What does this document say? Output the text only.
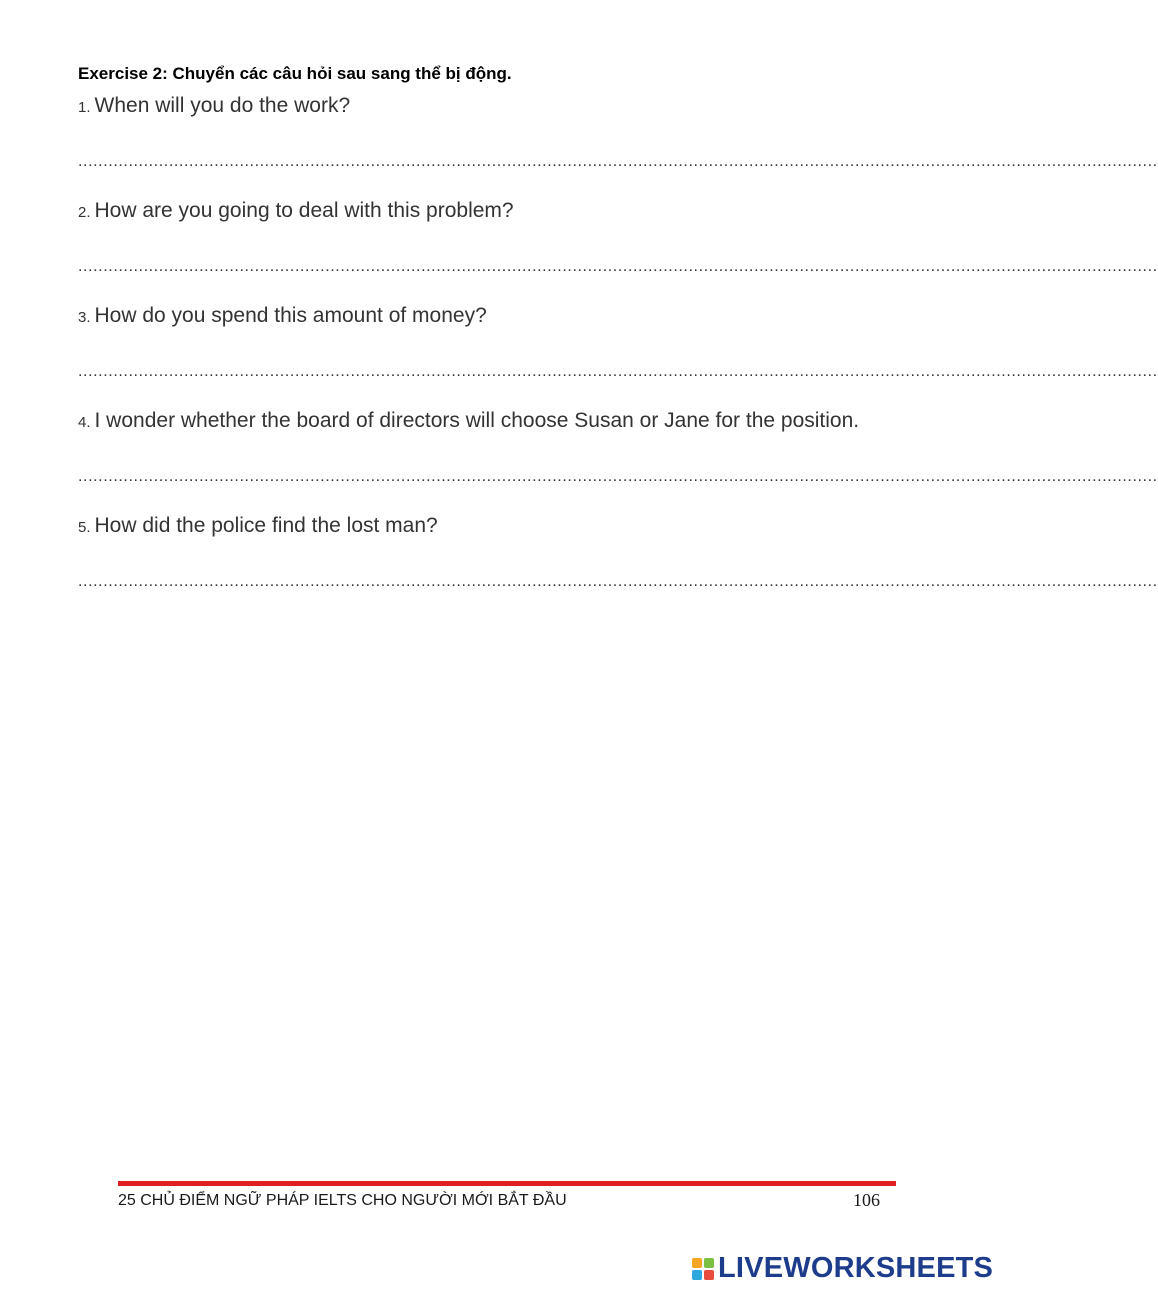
Exercise 2: Chuyển các câu hỏi sau sang thể bị động.
1. When will you do the work?
......................................................................................................................................................................................................................
2. How are you going to deal with this problem?
......................................................................................................................................................................................................................
3. How do you spend this amount of money?
......................................................................................................................................................................................................................
4. I wonder whether the board of directors will choose Susan or Jane for the position.
......................................................................................................................................................................................................................
5. How did the police find the lost man?
......................................................................................................................................................................................................................
25 CHỦ ĐIỂM NGỮ PHÁP IELTS CHO NGƯỜI MỚI BẮT ĐẦU	106
LIVEWORKSHEETS
